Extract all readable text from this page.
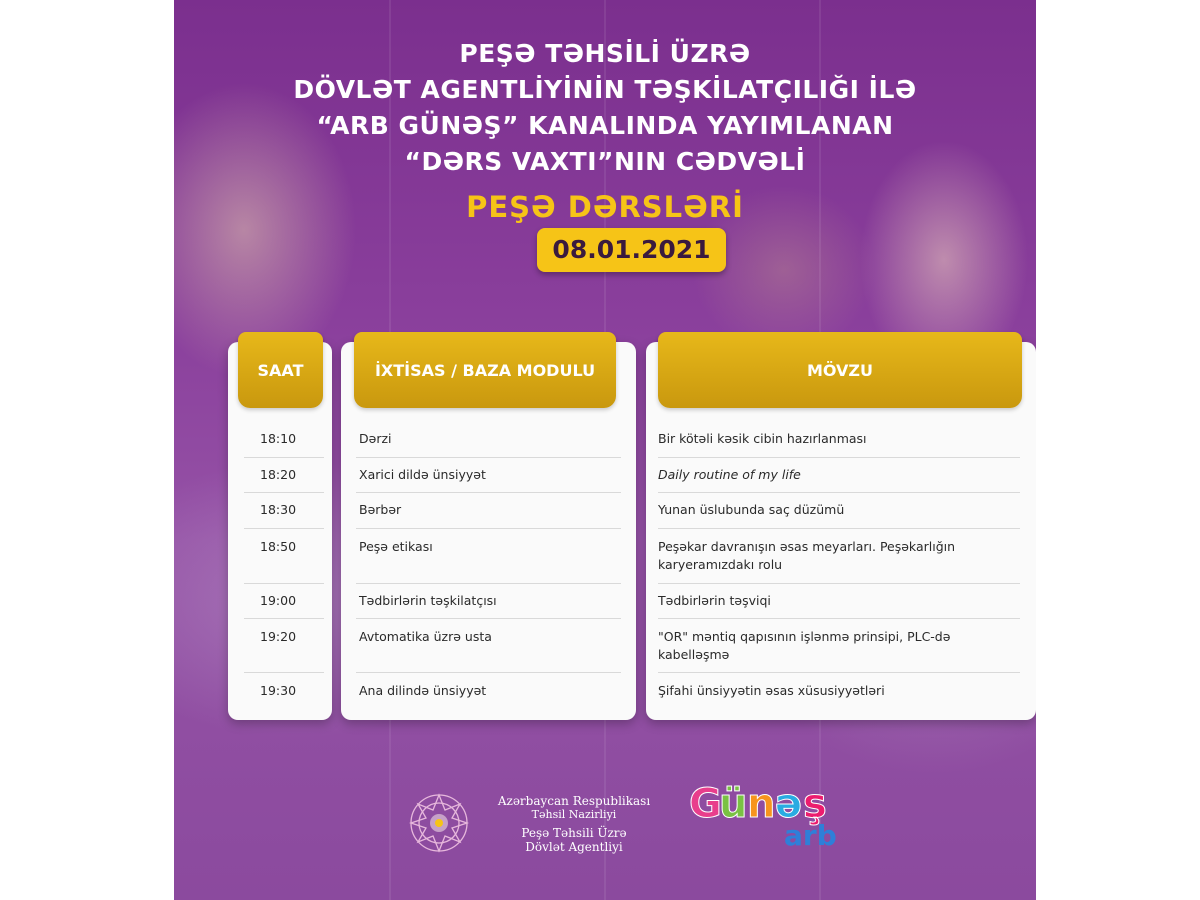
PEŞƏ TƏHSİLİ ÜZRƏ
DÖVLƏT AGENTLİYİNİN TƏŞKİLATÇILIĞI İLƏ
“ARB GÜNƏŞ” KANALINDA YAYIMLANAN
“DƏRS VAXTI”NIN CƏDVƏLİ
PEŞƏ DƏRSLƏRİ
08.01.2021
SAAT	İXTİSAS / BAZA MODULU	MÖVZU
18:10	Dərzi	Bir kötəli kəsik cibin hazırlanması
18:20	Xarici dildə ünsiyyət	Daily routine of my life
18:30	Bərbər	Yunan üslubunda saç düzümü
18:50	Peşə etikası	Peşəkar davranışın əsas meyarları. Peşəkarlığın karyeramızdakı rolu
19:00	Tədbirlərin təşkilatçısı	Tədbirlərin təşviqi
19:20	Avtomatika üzrə usta	"OR" məntiq qapısının işlənmə prinsipi, PLC-də kabelləşmə
19:30	Ana dilində ünsiyyət	Şifahi ünsiyyətin əsas xüsusiyyətləri
Azərbaycan Respublikası
Təhsil Nazirliyi
Peşə Təhsili Üzrə
Dövlət Agentliyi
G
ü n ə ş
arb
